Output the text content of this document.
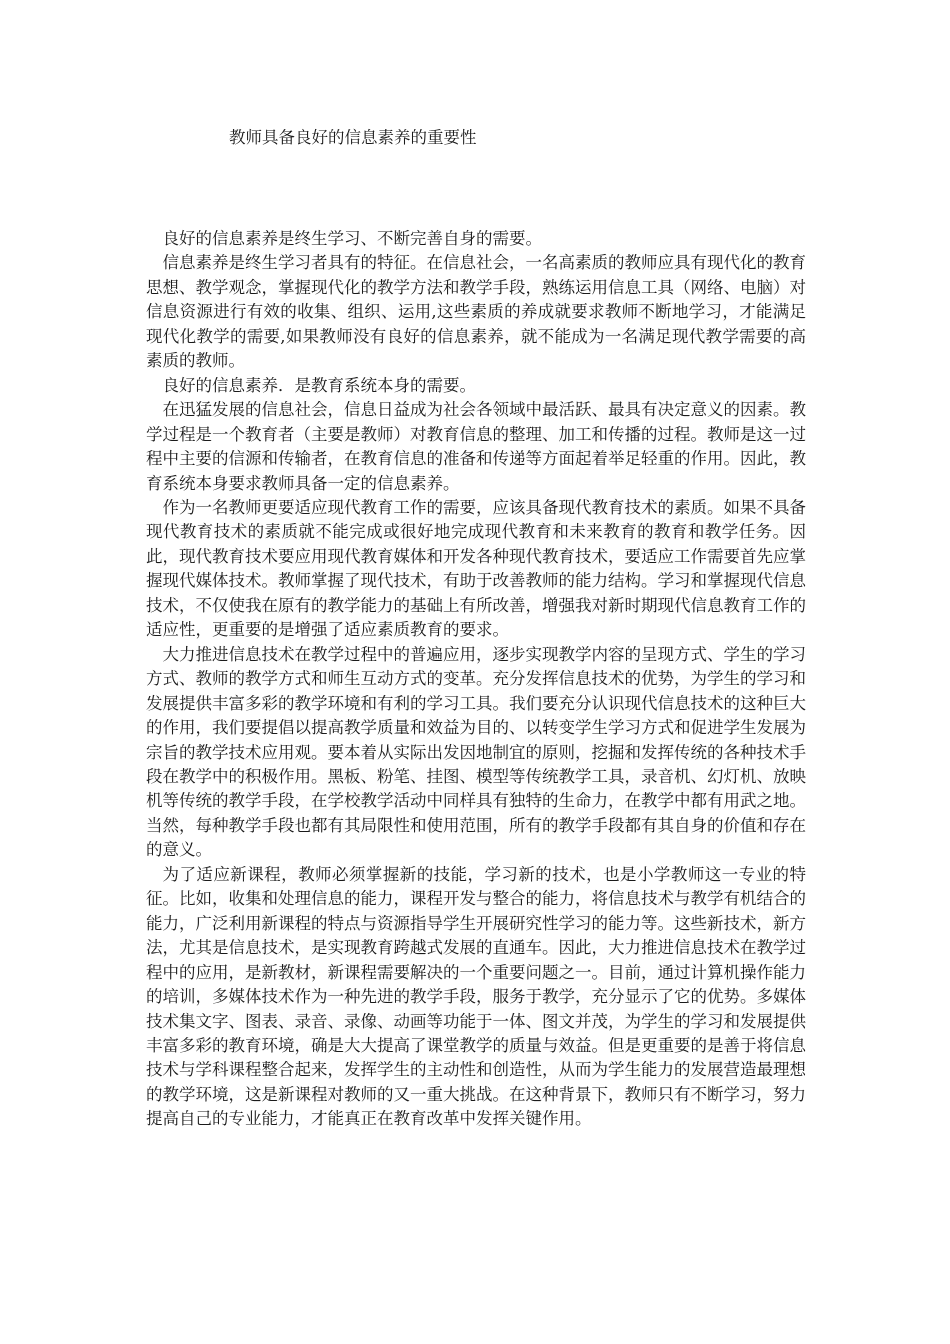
教师具备良好的信息素养的重要性

良好的信息素养是终生学习、不断完善自身的需要。

信息素养是终生学习者具有的特征。在信息社会，一名高素质的教师应具有现代化的教育思想、教学观念，掌握现代化的教学方法和教学手段，熟练运用信息工具（网络、电脑）对信息资源进行有效的收集、组织、运用,这些素质的养成就要求教师不断地学习，才能满足现代化教学的需要,如果教师没有良好的信息素养，就不能成为一名满足现代教学需要的高素质的教师。

良好的信息素养．是教育系统本身的需要。

在迅猛发展的信息社会，信息日益成为社会各领域中最活跃、最具有决定意义的因素。教学过程是一个教育者（主要是教师）对教育信息的整理、加工和传播的过程。教师是这一过程中主要的信源和传输者，在教育信息的准备和传递等方面起着举足轻重的作用。因此，教育系统本身要求教师具备一定的信息素养。

作为一名教师更要适应现代教育工作的需要，应该具备现代教育技术的素质。如果不具备现代教育技术的素质就不能完成或很好地完成现代教育和未来教育的教育和教学任务。因此，现代教育技术要应用现代教育媒体和开发各种现代教育技术，要适应工作需要首先应掌握现代媒体技术。教师掌握了现代技术，有助于改善教师的能力结构。学习和掌握现代信息技术，不仅使我在原有的教学能力的基础上有所改善，增强我对新时期现代信息教育工作的适应性，更重要的是增强了适应素质教育的要求。

大力推进信息技术在教学过程中的普遍应用，逐步实现教学内容的呈现方式、学生的学习方式、教师的教学方式和师生互动方式的变革。充分发挥信息技术的优势，为学生的学习和发展提供丰富多彩的教学环境和有利的学习工具。我们要充分认识现代信息技术的这种巨大的作用，我们要提倡以提高教学质量和效益为目的、以转变学生学习方式和促进学生发展为宗旨的教学技术应用观。要本着从实际出发因地制宜的原则，挖掘和发挥传统的各种技术手段在教学中的积极作用。黑板、粉笔、挂图、模型等传统教学工具，录音机、幻灯机、放映机等传统的教学手段，在学校教学活动中同样具有独特的生命力，在教学中都有用武之地。当然，每种教学手段也都有其局限性和使用范围，所有的教学手段都有其自身的价值和存在的意义。

为了适应新课程，教师必须掌握新的技能，学习新的技术，也是小学教师这一专业的特征。比如，收集和处理信息的能力，课程开发与整合的能力，将信息技术与教学有机结合的能力，广泛利用新课程的特点与资源指导学生开展研究性学习的能力等。这些新技术，新方法，尤其是信息技术，是实现教育跨越式发展的直通车。因此，大力推进信息技术在教学过程中的应用，是新教材，新课程需要解决的一个重要问题之一。目前，通过计算机操作能力的培训，多媒体技术作为一种先进的教学手段，服务于教学，充分显示了它的优势。多媒体技术集文字、图表、录音、录像、动画等功能于一体、图文并茂，为学生的学习和发展提供丰富多彩的教育环境，确是大大提高了课堂教学的质量与效益。但是更重要的是善于将信息技术与学科课程整合起来，发挥学生的主动性和创造性，从而为学生能力的发展营造最理想的教学环境，这是新课程对教师的又一重大挑战。在这种背景下，教师只有不断学习，努力提高自己的专业能力，才能真正在教育改革中发挥关键作用。
